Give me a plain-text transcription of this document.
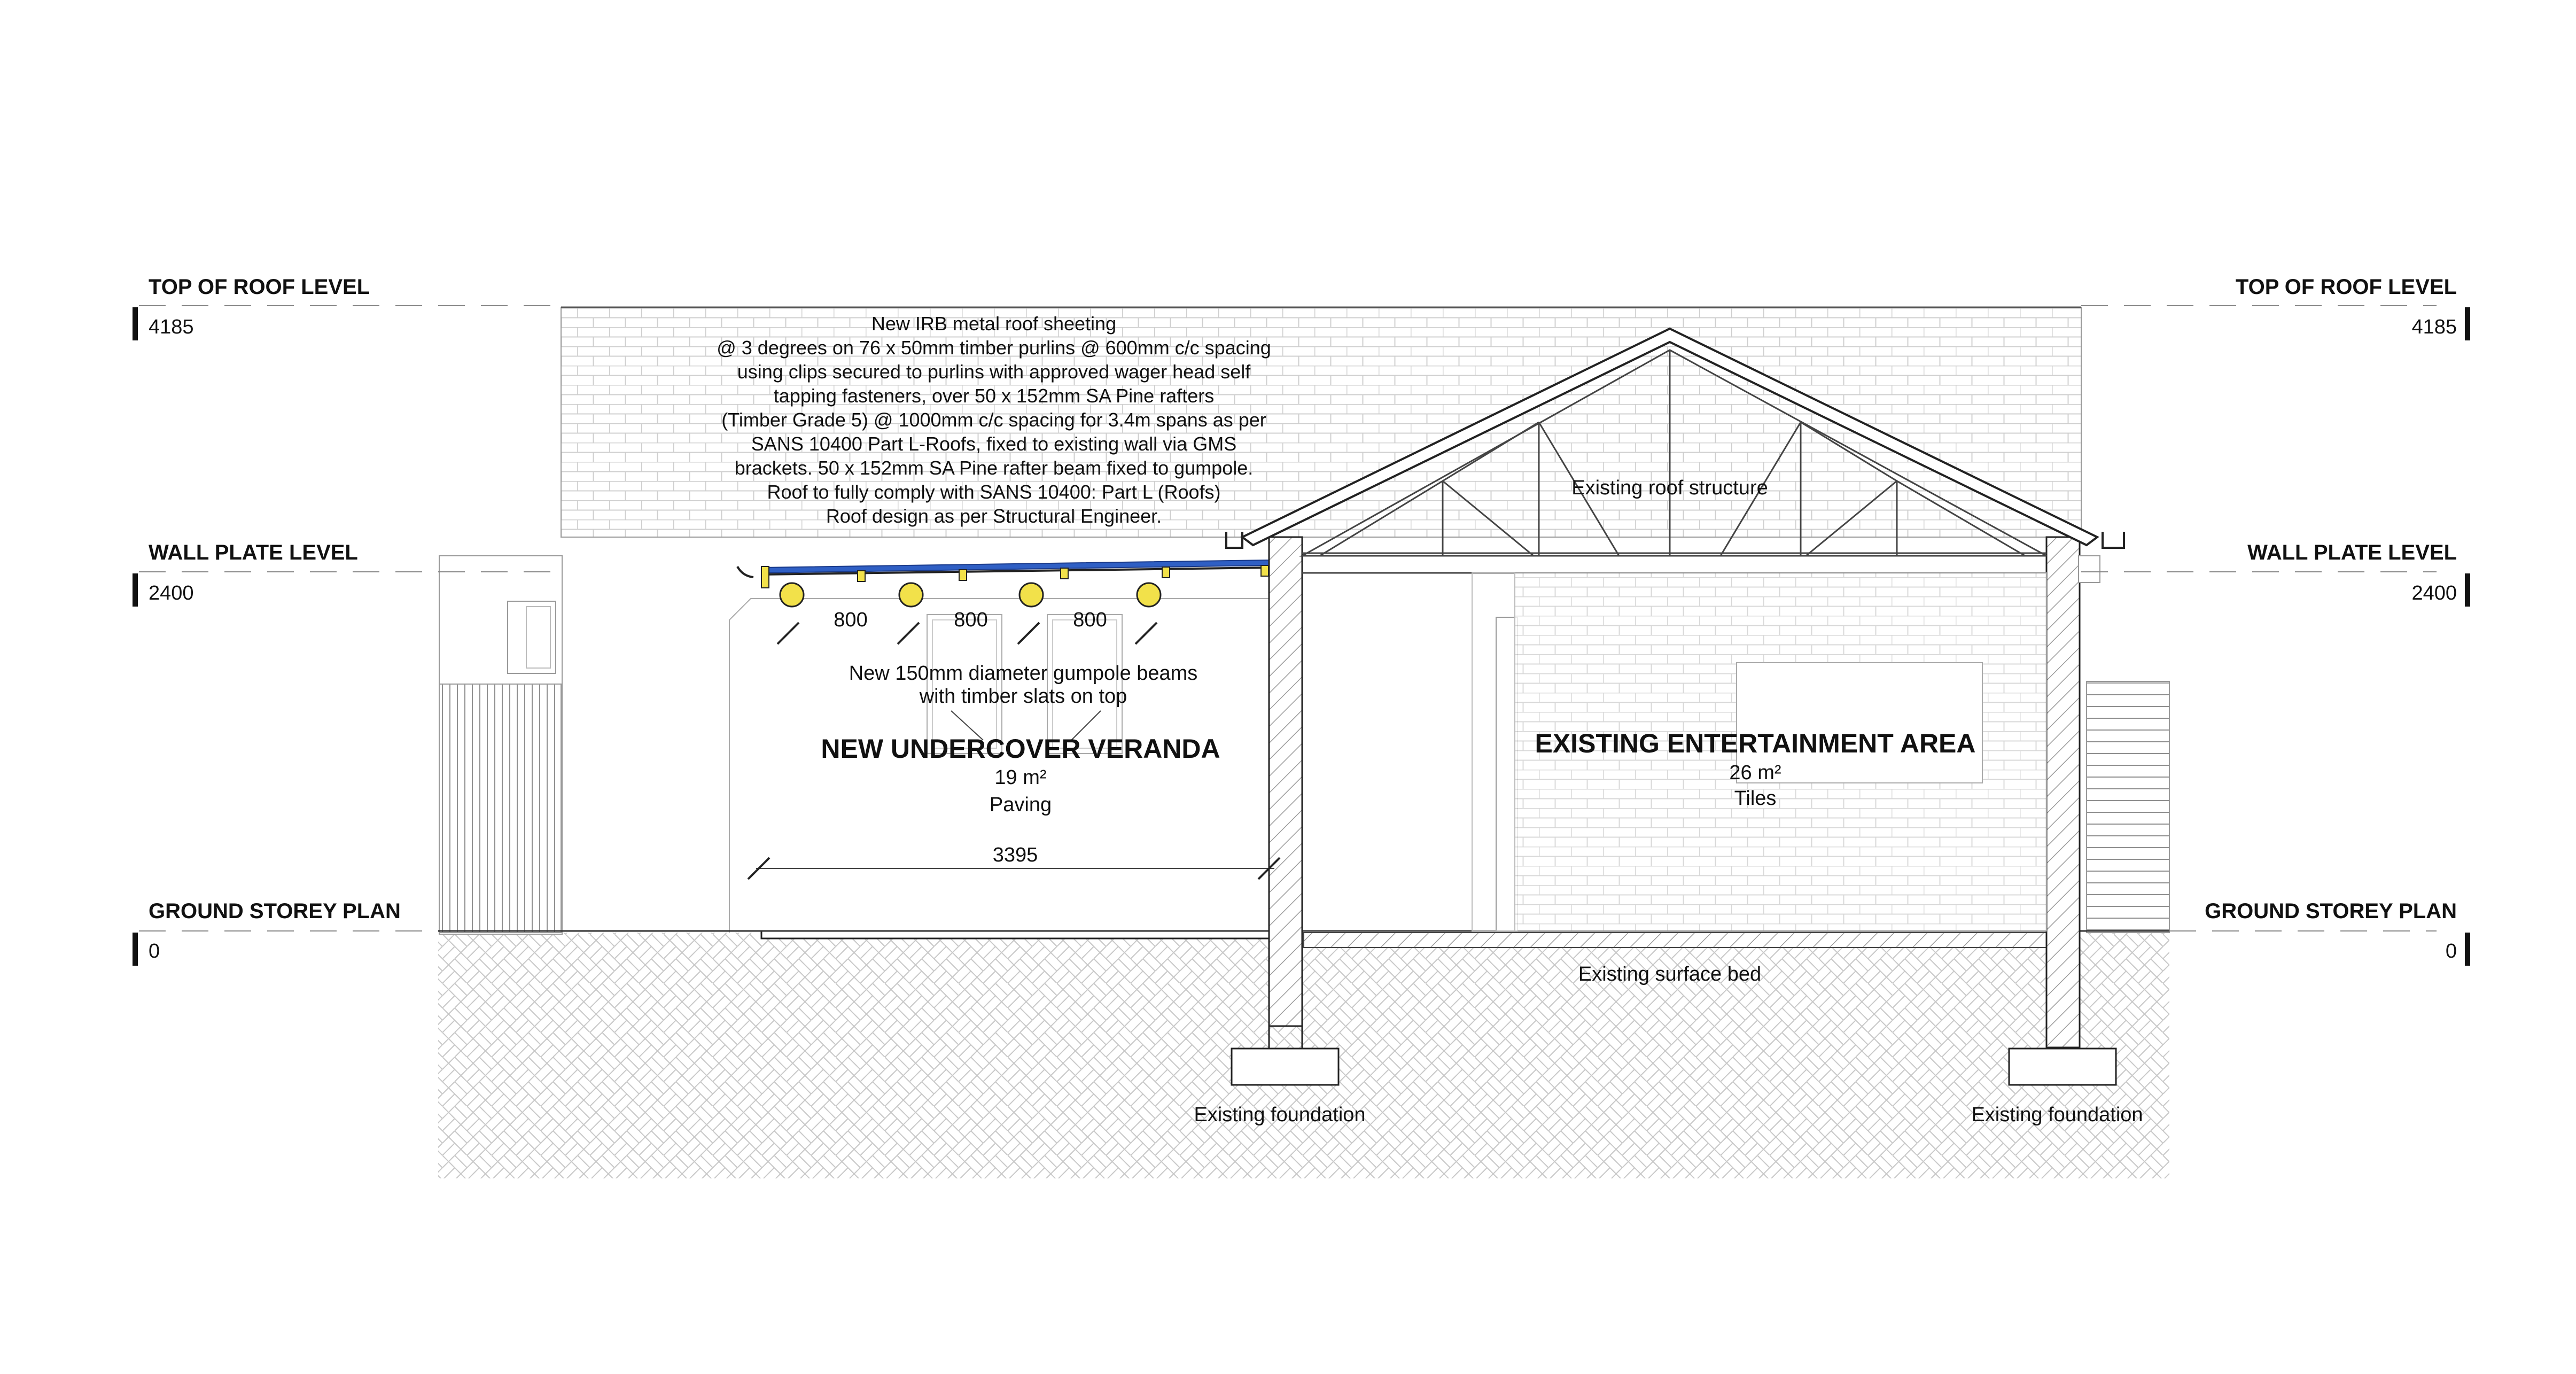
TOP OF ROOF LEVEL
4185
TOP OF ROOF LEVEL
4185
WALL PLATE LEVEL
2400
WALL PLATE LEVEL
2400
GROUND STOREY PLAN
0
GROUND STOREY PLAN
0
New IRB metal roof sheeting
@ 3 degrees on 76 x 50mm timber purlins @ 600mm c/c spacing
using clips secured to purlins with approved wager head self
tapping fasteners, over 50 x 152mm SA Pine rafters
(Timber Grade 5) @ 1000mm c/c spacing for 3.4m spans as per
SANS 10400 Part L-Roofs, fixed to existing wall via GMS
brackets. 50 x 152mm SA Pine rafter beam fixed to gumpole.
Roof to fully comply with SANS 10400: Part L (Roofs)
Roof design as per Structural Engineer.
Existing roof structure
800	800	800
3395
New 150mm diameter gumpole beams
with timber slats on top
NEW UNDERCOVER VERANDA
19 m²
Paving
EXISTING ENTERTAINMENT AREA
26 m²
Tiles
Existing surface bed
Existing foundation	Existing foundation
